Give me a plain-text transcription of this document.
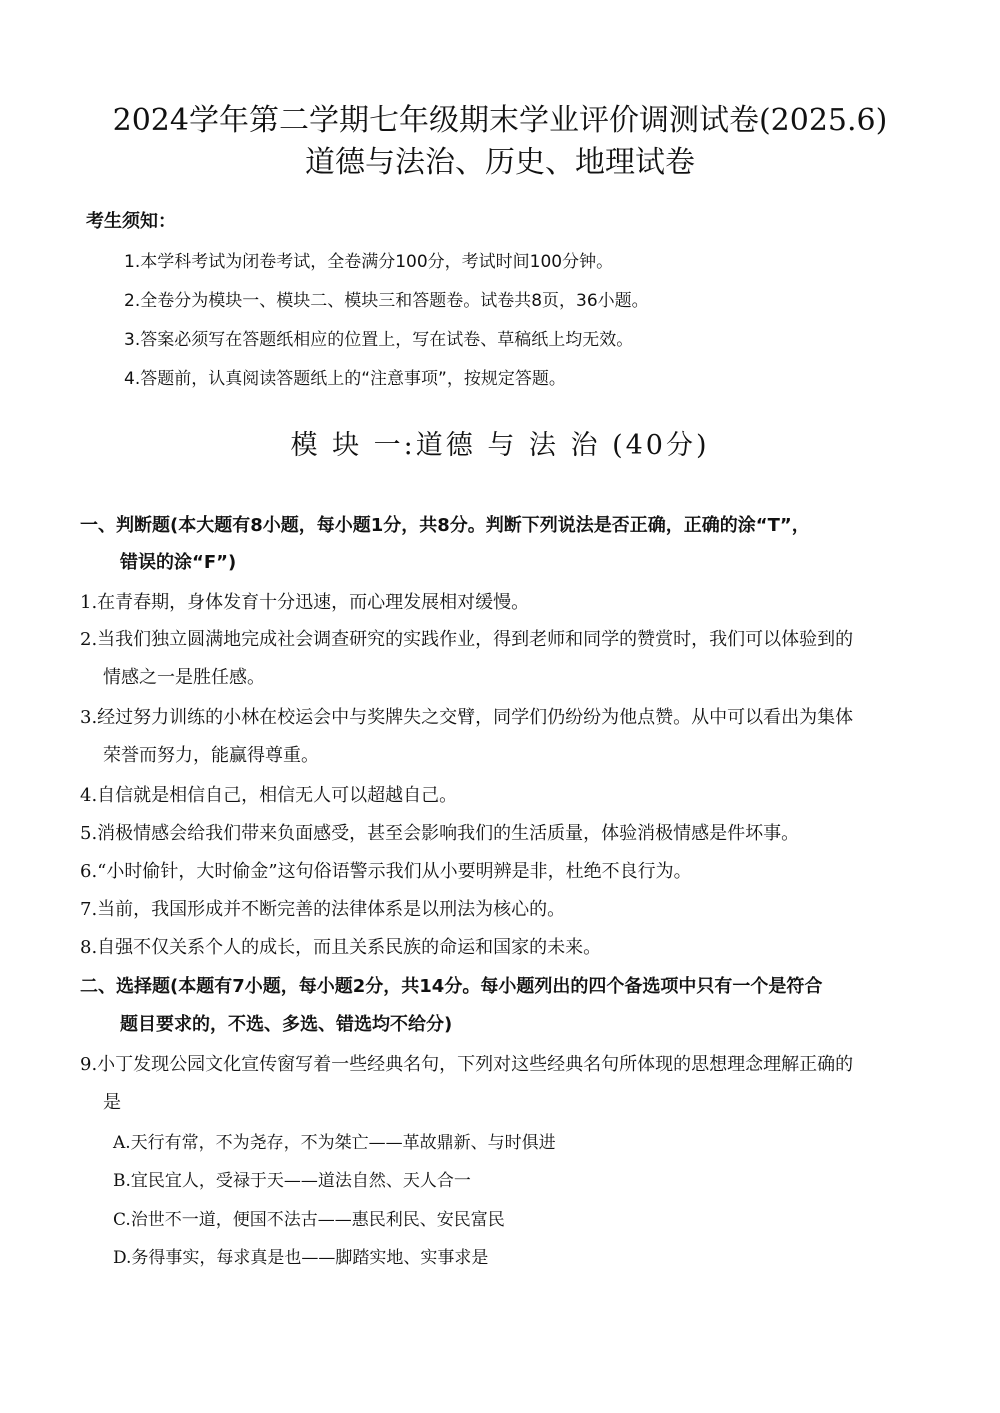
2024学年第二学期七年级期末学业评价调测试卷(2025.6)
道德与法治、历史、地理试卷
考生须知：
1.本学科考试为闭卷考试，全卷满分100分，考试时间100分钟。
2.全卷分为模块一、模块二、模块三和答题卷。试卷共8页，36小题。
3.答案必须写在答题纸相应的位置上，写在试卷、草稿纸上均无效。
4.答题前，认真阅读答题纸上的“注意事项”，按规定答题。
模 块 一:道德 与 法 治 (40分)
一、判断题(本大题有8小题，每小题1分，共8分。判断下列说法是否正确，正确的涂“T”，
错误的涂“F”)
1.在青春期，身体发育十分迅速，而心理发展相对缓慢。
2.当我们独立圆满地完成社会调查研究的实践作业，得到老师和同学的赞赏时，我们可以体验到的
情感之一是胜任感。
3.经过努力训练的小林在校运会中与奖牌失之交臂，同学们仍纷纷为他点赞。从中可以看出为集体
荣誉而努力，能赢得尊重。
4.自信就是相信自己，相信无人可以超越自己。
5.消极情感会给我们带来负面感受，甚至会影响我们的生活质量，体验消极情感是件坏事。
6.“小时偷针，大时偷金”这句俗语警示我们从小要明辨是非，杜绝不良行为。
7.当前，我国形成并不断完善的法律体系是以刑法为核心的。
8.自强不仅关系个人的成长，而且关系民族的命运和国家的未来。
二、选择题(本题有7小题，每小题2分，共14分。每小题列出的四个备选项中只有一个是符合
题目要求的，不选、多选、错选均不给分)
9.小丁发现公园文化宣传窗写着一些经典名句，下列对这些经典名句所体现的思想理念理解正确的
是
A.天行有常，不为尧存，不为桀亡——革故鼎新、与时俱进
B.宜民宜人，受禄于天——道法自然、天人合一
C.治世不一道，便国不法古——惠民利民、安民富民
D.务得事实，每求真是也——脚踏实地、实事求是
